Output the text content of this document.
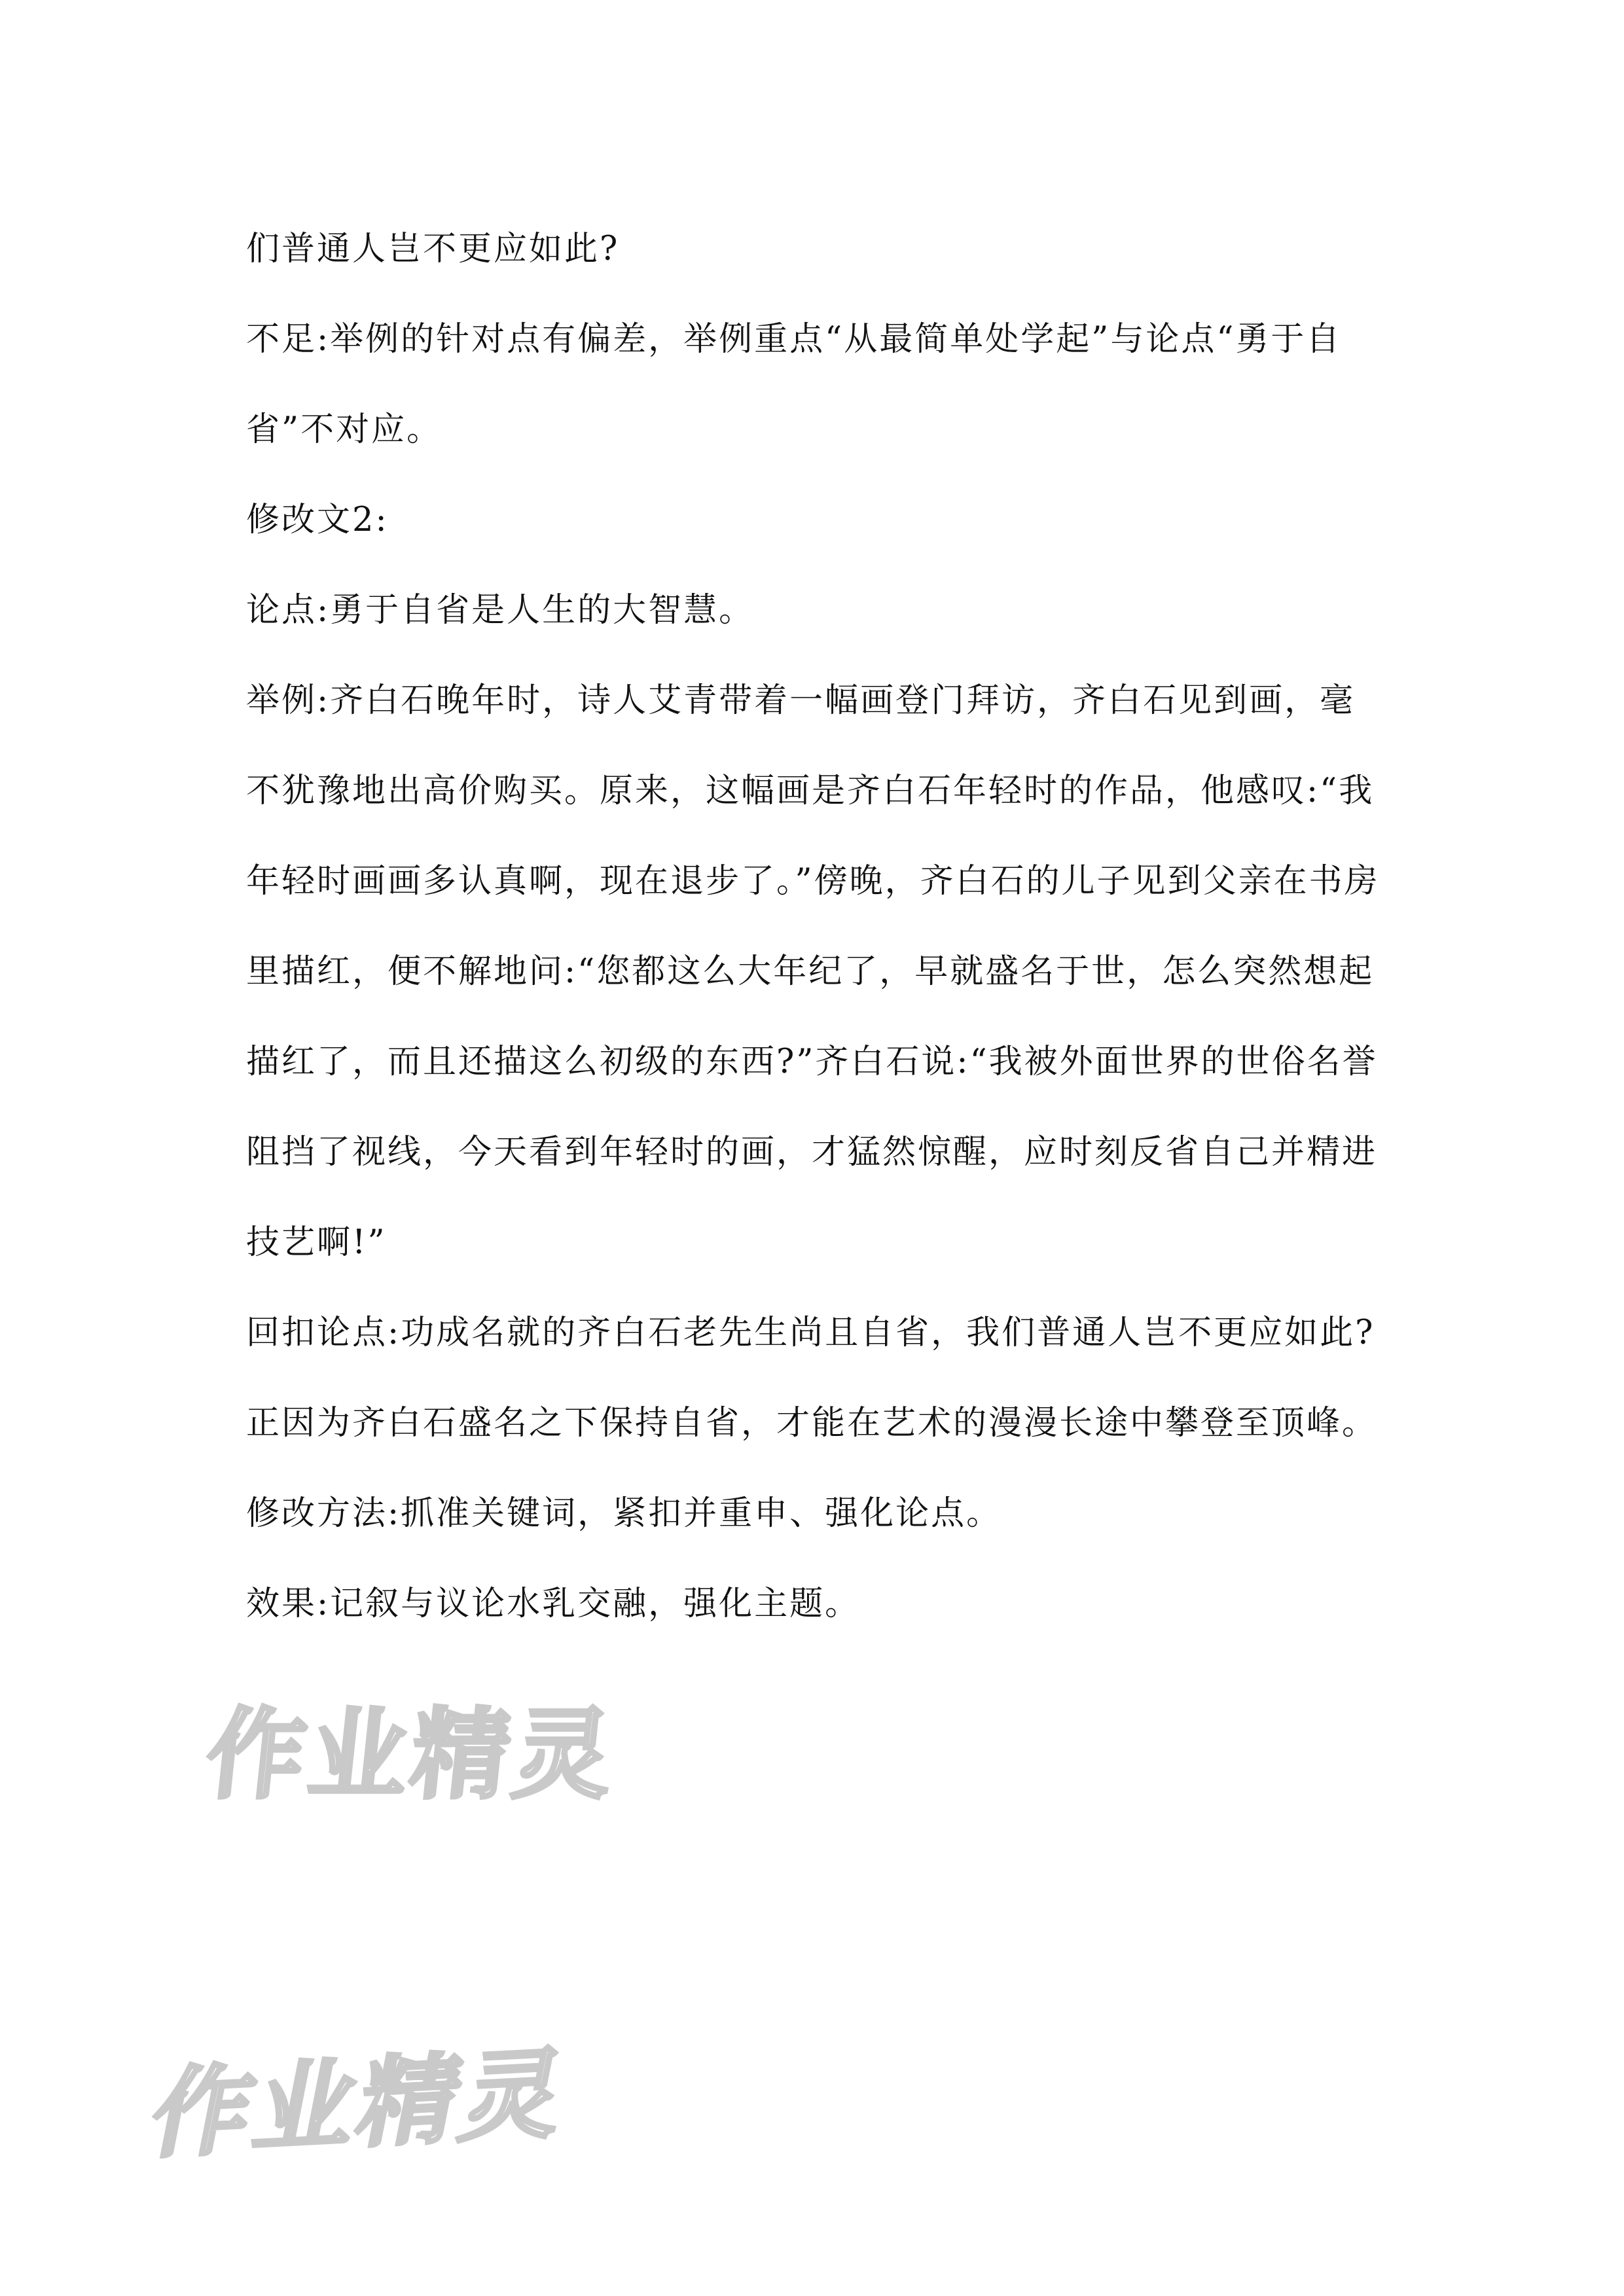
们普通人岂不更应如此?

不足:举例的针对点有偏差，举例重点“从最简单处学起”与论点“勇于自省”不对应。

修改文2:

论点:勇于自省是人生的大智慧。

举例:齐白石晚年时，诗人艾青带着一幅画登门拜访，齐白石见到画，毫不犹豫地出高价购买。原来，这幅画是齐白石年轻时的作品，他感叹:“我年轻时画画多认真啊，现在退步了。”傍晚，齐白石的儿子见到父亲在书房里描红，便不解地问:“您都这么大年纪了，早就盛名于世，怎么突然想起描红了，而且还描这么初级的东西?”齐白石说:“我被外面世界的世俗名誉阻挡了视线，今天看到年轻时的画，才猛然惊醒，应时刻反省自己并精进技艺啊!”

回扣论点:功成名就的齐白石老先生尚且自省，我们普通人岂不更应如此?正因为齐白石盛名之下保持自省，才能在艺术的漫漫长途中攀登至顶峰。

修改方法:抓准关键词，紧扣并重申、强化论点。

效果:记叙与议论水乳交融，强化主题。

作业精灵
作业精灵
